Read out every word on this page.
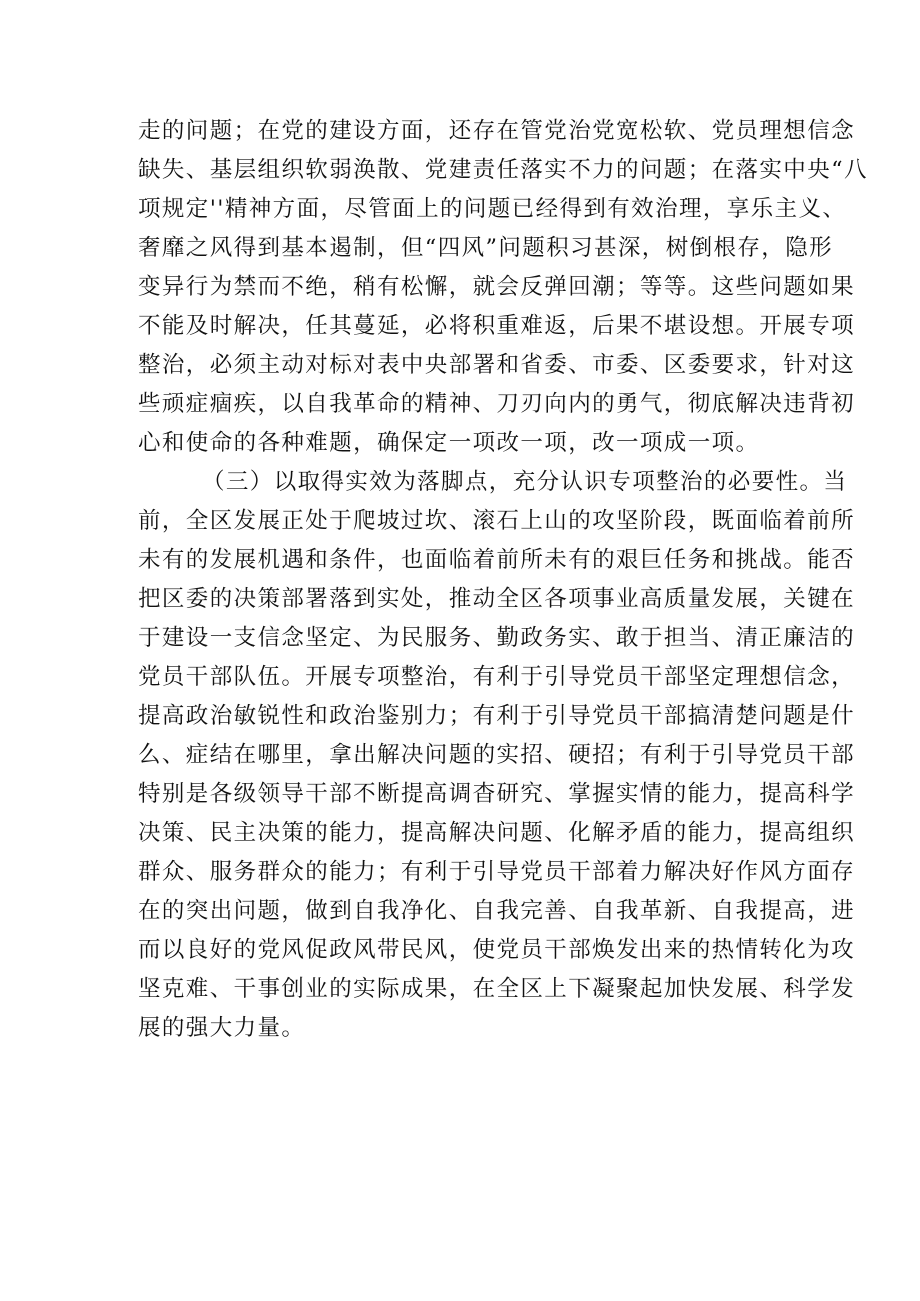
走的问题；在党的建设方面，还存在管党治党宽松软、党员理想信念
缺失、基层组织软弱涣散、党建责任落实不力的问题；在落实中央“八
项规定''精神方面，尽管面上的问题已经得到有效治理，享乐主义、
奢靡之风得到基本遏制，但“四风”问题积习甚深，树倒根存，隐形
变异行为禁而不绝，稍有松懈，就会反弹回潮；等等。这些问题如果
不能及时解决，任其蔓延，必将积重难返，后果不堪设想。开展专项
整治，必须主动对标对表中央部署和省委、市委、区委要求，针对这
些顽症痼疾，以自我革命的精神、刀刃向内的勇气，彻底解决违背初
心和使命的各种难题，确保定一项改一项，改一项成一项。
（三）以取得实效为落脚点，充分认识专项整治的必要性。当
前，全区发展正处于爬坡过坎、滚石上山的攻坚阶段，既面临着前所
未有的发展机遇和条件，也面临着前所未有的艰巨任务和挑战。能否
把区委的决策部署落到实处，推动全区各项事业高质量发展，关键在
于建设一支信念坚定、为民服务、勤政务实、敢于担当、清正廉洁的
党员干部队伍。开展专项整治，有利于引导党员干部坚定理想信念，
提高政治敏锐性和政治鉴别力；有利于引导党员干部搞清楚问题是什
么、症结在哪里，拿出解决问题的实招、硬招；有利于引导党员干部
特别是各级领导干部不断提高调杳研究、掌握实情的能力，提高科学
决策、民主决策的能力，提高解决问题、化解矛盾的能力，提高组织
群众、服务群众的能力；有利于引导党员干部着力解决好作风方面存
在的突出问题，做到自我净化、自我完善、自我革新、自我提高，进
而以良好的党风促政风带民风，使党员干部焕发出来的热情转化为攻
坚克难、干事创业的实际成果，在全区上下凝聚起加快发展、科学发
展的强大力量。
